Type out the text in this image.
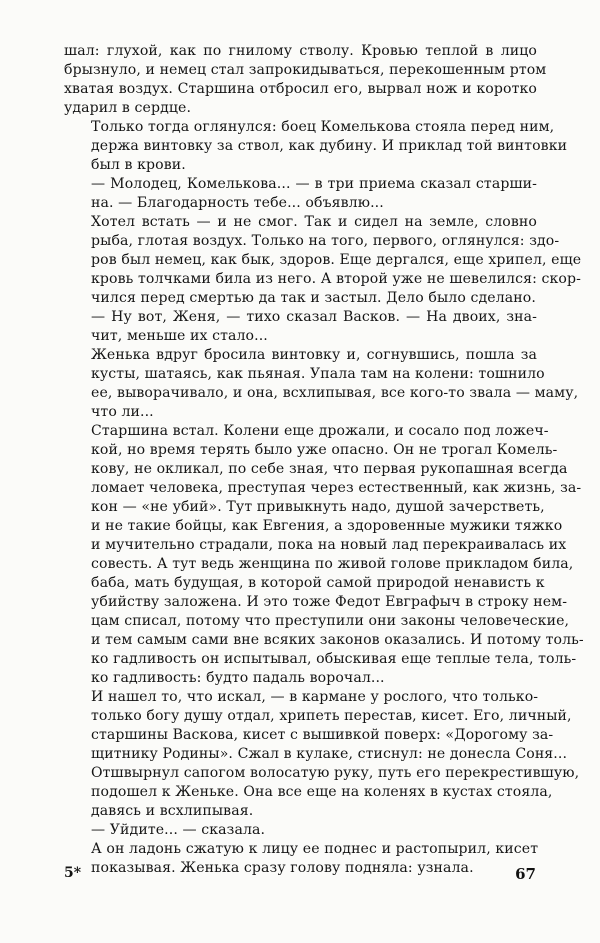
шал: глухой, как по гнилому стволу. Кровью теплой в лицо
брызнуло, и немец стал запрокидываться, перекошенным ртом
хватая воздух. Старшина отбросил его, вырвал нож и коротко
ударил в сердце.
Только тогда оглянулся: боец Комелькова стояла перед ним,
держа винтовку за ствол, как дубину. И приклад той винтовки
был в крови.
— Молодец, Комелькова... — в три приема сказал старши-
на. — Благодарность тебе... объявлю...
Хотел встать — и не смог. Так и сидел на земле, словно
рыба, глотая воздух. Только на того, первого, оглянулся: здо-
ров был немец, как бык, здоров. Еще дергался, еще хрипел, еще
кровь толчками била из него. А второй уже не шевелился: скор-
чился перед смертью да так и застыл. Дело было сделано.
— Ну вот, Женя, — тихо сказал Васков. — На двоих, зна-
чит, меньше их стало...
Женька вдруг бросила винтовку и, согнувшись, пошла за
кусты, шатаясь, как пьяная. Упала там на колени: тошнило
ее, выворачивало, и она, всхлипывая, все кого-то звала — маму,
что ли...
Старшина встал. Колени еще дрожали, и сосало под ложеч-
кой, но время терять было уже опасно. Он не трогал Комель-
кову, не окликал, по себе зная, что первая рукопашная всегда
ломает человека, преступая через естественный, как жизнь, за-
кон — «не убий». Тут привыкнуть надо, душой зачерстветь,
и не такие бойцы, как Евгения, а здоровенные мужики тяжко
и мучительно страдали, пока на новый лад перекраивалась их
совесть. А тут ведь женщина по живой голове прикладом била,
баба, мать будущая, в которой самой природой ненависть к
убийству заложена. И это тоже Федот Евграфыч в строку нем-
цам списал, потому что преступили они законы человеческие,
и тем самым сами вне всяких законов оказались. И потому толь-
ко гадливость он испытывал, обыскивая еще теплые тела, толь-
ко гадливость: будто падаль ворочал...
И нашел то, что искал, — в кармане у рослого, что только-
только богу душу отдал, хрипеть перестав, кисет. Его, личный,
старшины Васкова, кисет с вышивкой поверх: «Дорогому за-
щитнику Родины». Сжал в кулаке, стиснул: не донесла Соня...
Отшвырнул сапогом волосатую руку, путь его перекрестившую,
подошел к Женьке. Она все еще на коленях в кустах стояла,
давясь и всхлипывая.
— Уйдите... — сказала.
А он ладонь сжатую к лицу ее поднес и растопырил, кисет
показывая. Женька сразу голову подняла: узнала.
5*	67
